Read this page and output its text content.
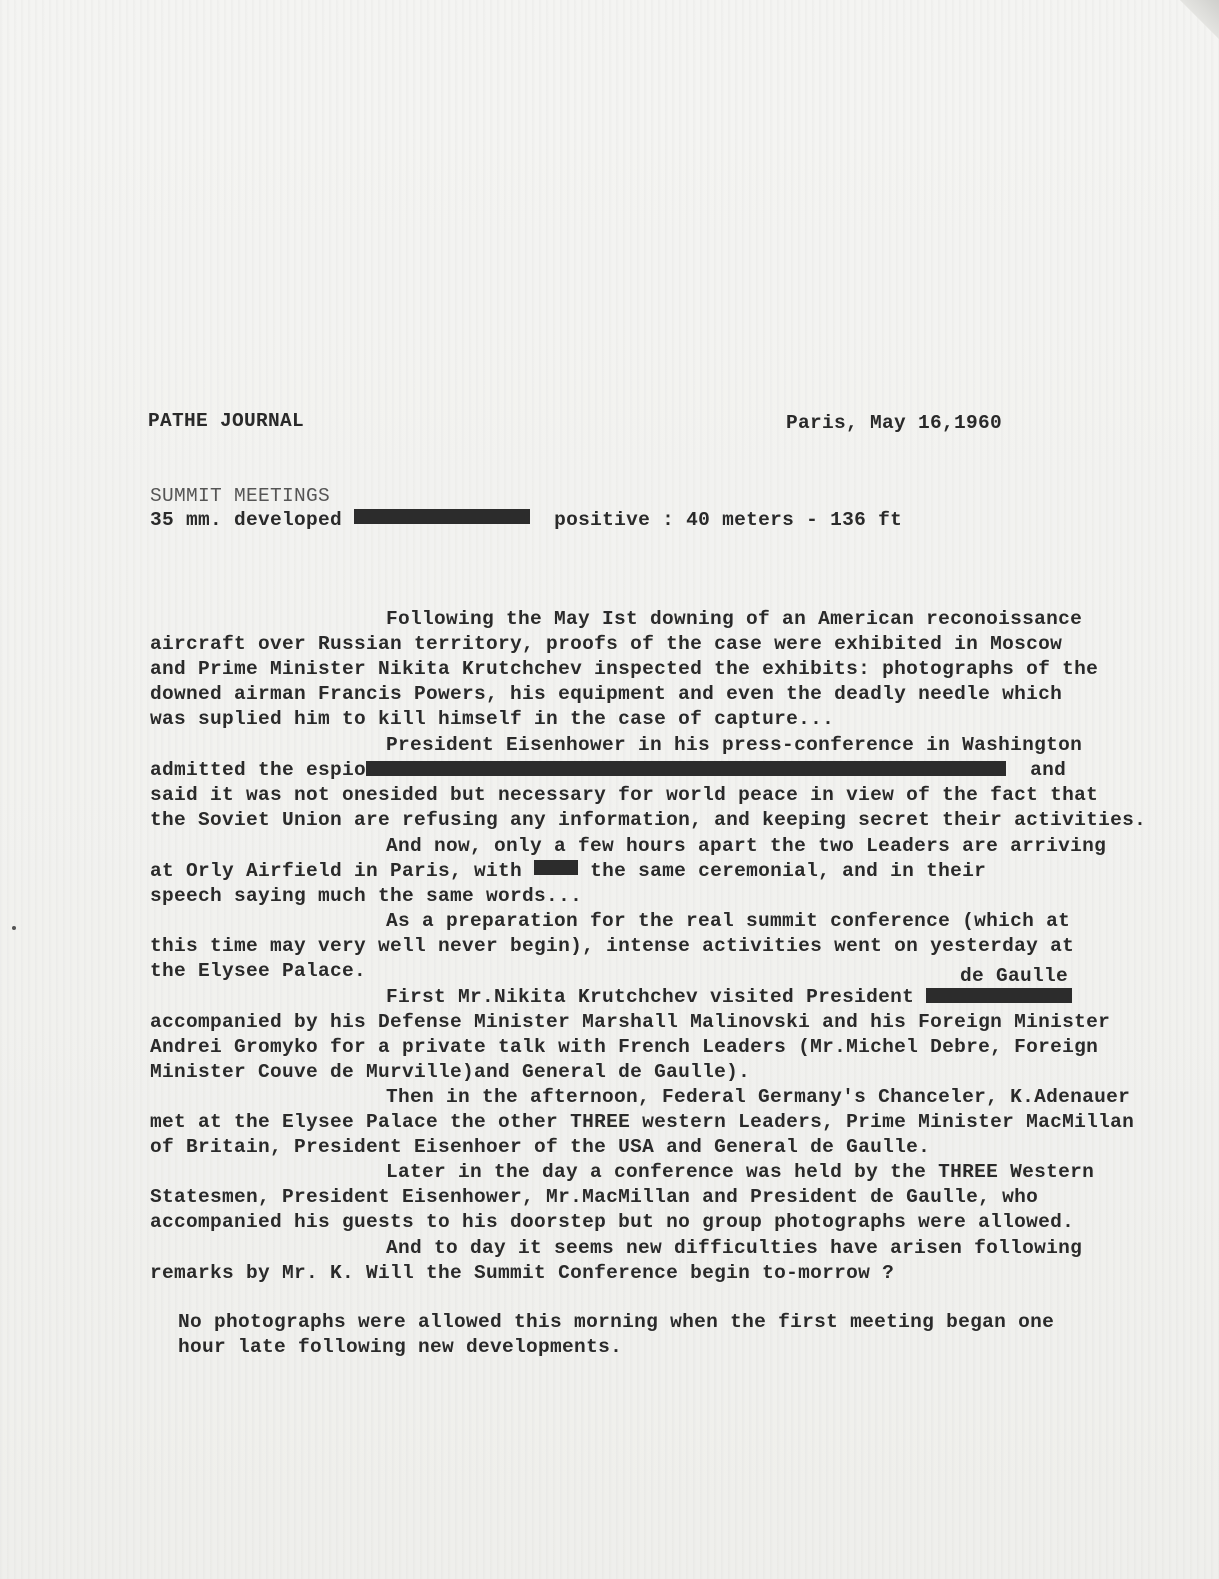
PATHE JOURNAL	Paris, May 16,1960
SUMMIT MEETINGS
35 mm. developed	positive : 40 meters - 136 ft
Following the May Ist downing of an American reconoissance
aircraft over Russian territory, proofs of the case were exhibited in Moscow
and Prime Minister Nikita Krutchchev inspected the exhibits: photographs of the
downed airman Francis Powers, his equipment and even the deadly needle which
was suplied him to kill himself in the case of capture...
President Eisenhower in his press-conference in Washington
admitted the espio	and
said it was not onesided but necessary for world peace in view of the fact that
the Soviet Union are refusing any information, and keeping secret their activities.
And now, only a few hours apart the two Leaders are arriving
at Orly Airfield in Paris, with	the same ceremonial, and in their
speech saying much the same words...
As a preparation for the real summit conference (which at
this time may very well never begin), intense activities went on yesterday at
the Elysee Palace.	de Gaulle
First Mr.Nikita Krutchchev visited President
accompanied by his Defense Minister Marshall Malinovski and his Foreign Minister
Andrei Gromyko for a private talk with French Leaders (Mr.Michel Debre, Foreign
Minister Couve de Murville)and General de Gaulle).
Then in the afternoon, Federal Germany's Chanceler, K.Adenauer
met at the Elysee Palace the other THREE western Leaders, Prime Minister MacMillan
of Britain, President Eisenhoer of the USA and General de Gaulle.
Later in the day a conference was held by the THREE Western
Statesmen, President Eisenhower, Mr.MacMillan and President de Gaulle, who
accompanied his guests to his doorstep but no group photographs were allowed.
And to day it seems new difficulties have arisen following
remarks by Mr. K. Will the Summit Conference begin to-morrow ?
No photographs were allowed this morning when the first meeting began one
hour late following new developments.
